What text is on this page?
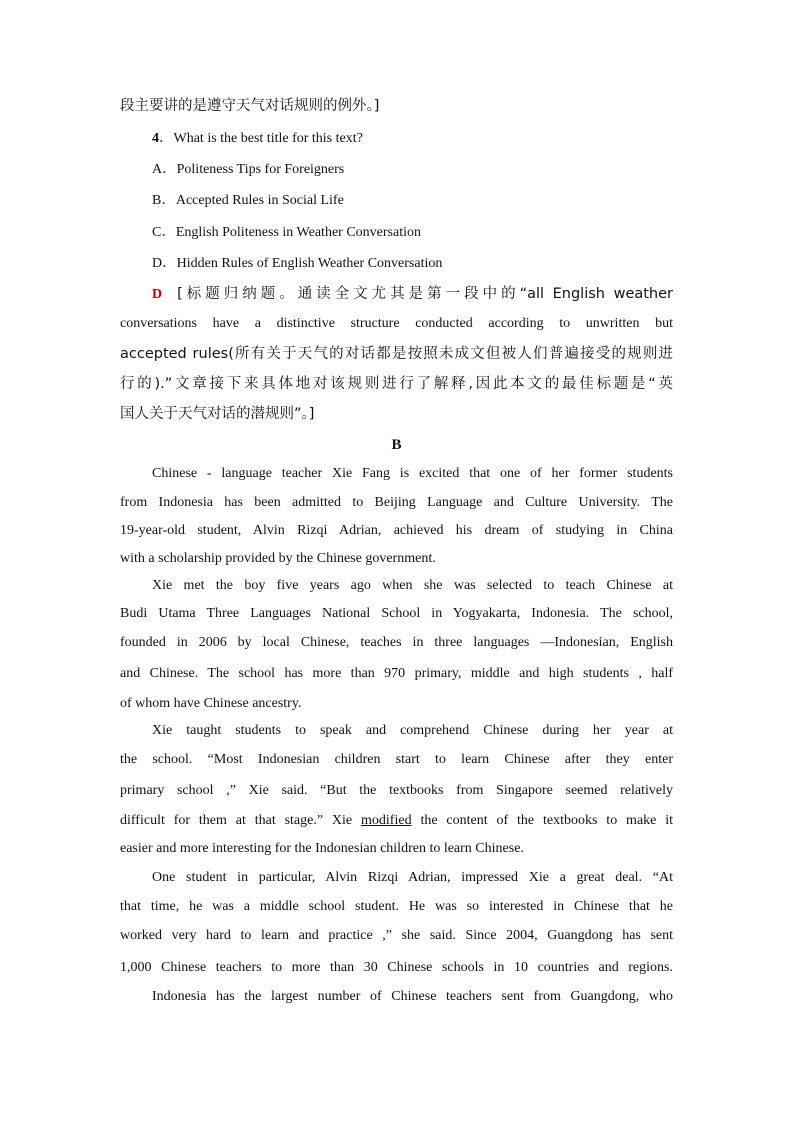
段主要讲的是遵守天气对话规则的例外。]
4．What is the best title for this text?
A．Politeness Tips for Foreigners
B．Accepted Rules in Social Life
C．English Politeness in Weather Conversation
D．Hidden Rules of English Weather Conversation
D [标题归纳题。通读全文尤其是第一段中的“all English weather
conversations have a distinctive structure conducted according to unwritten but
accepted rules(所有关于天气的对话都是按照未成文但被人们普遍接受的规则进
行的).”文章接下来具体地对该规则进行了解释,因此本文的最佳标题是“英
国人关于天气对话的潜规则”。]
B
Chinese - language teacher Xie Fang is excited that one of her former students
from Indonesia has been admitted to Beijing Language and Culture University. The
19-year-old student, Alvin Rizqi Adrian, achieved his dream of studying in China
with a scholarship provided by the Chinese government.
Xie met the boy five years ago when she was selected to teach Chinese at
Budi Utama Three Languages National School in Yogyakarta, Indonesia. The school,
founded in 2006 by local Chinese, teaches in three languages —Indonesian, English
and Chinese. The school has more than 970 primary, middle and high students , half
of whom have Chinese ancestry.
Xie taught students to speak and comprehend Chinese during her year at
the school. “Most Indonesian children start to learn Chinese after they enter
primary school ,” Xie said. “But the textbooks from Singapore seemed relatively
difficult for them at that stage.” Xie modified the content of the textbooks to make it
easier and more interesting for the Indonesian children to learn Chinese.
One student in particular, Alvin Rizqi Adrian, impressed Xie a great deal. “At
that time, he was a middle school student. He was so interested in Chinese that he
worked very hard to learn and practice ,” she said. Since 2004, Guangdong has sent
1,000 Chinese teachers to more than 30 Chinese schools in 10 countries and regions.
Indonesia has the largest number of Chinese teachers sent from Guangdong, who
